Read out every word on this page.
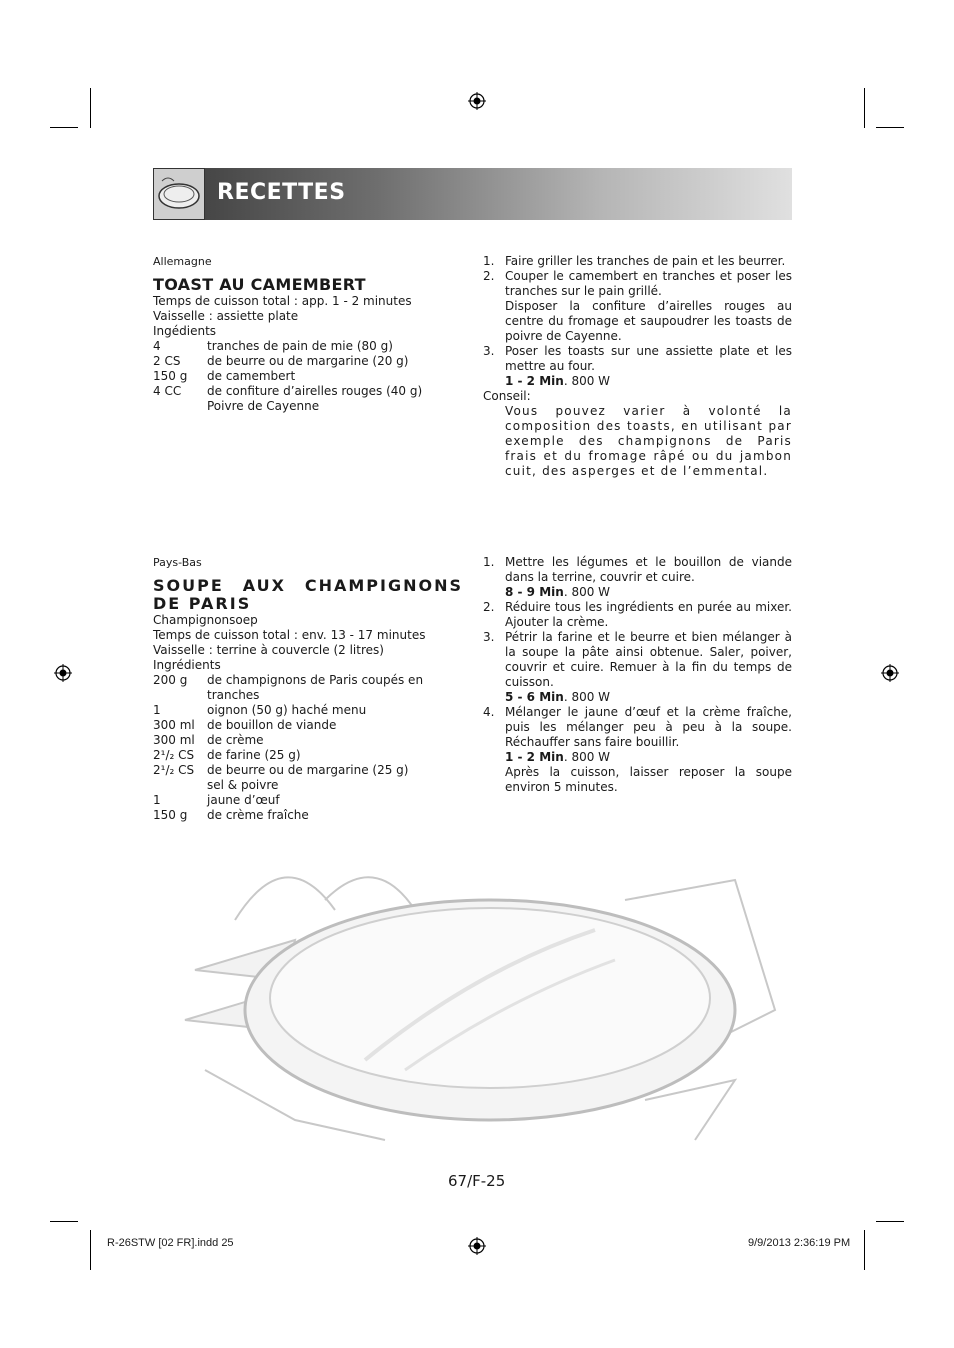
RECETTES
Allemagne
TOAST AU CAMEMBERT
Temps de cuisson total : app. 1 - 2 minutes
Vaisselle : assiette plate
Ingédients
4	tranches de pain de mie (80 g)
2 CS	de beurre ou de margarine (20 g)
150 g	de camembert
4 CC	de confiture d’airelles rouges (40 g)
Poivre de Cayenne
1. Faire griller les tranches de pain et les beurrer.
2. Couper le camembert en tranches et poser les tranches sur le pain grillé.
Disposer la confiture d’airelles rouges au centre du fromage et saupoudrer les toasts de poivre de Cayenne.
3. Poser les toasts sur une assiette plate et les mettre au four.
1 - 2 Min. 800 W
Conseil:
Vous pouvez varier à volonté la composition des toasts, en utilisant par exemple des champignons de Paris frais et du fromage râpé ou du jambon cuit, des asperges et de l’emmental.
Pays-Bas
SOUPE AUX CHAMPIGNONS DE PARIS
Champignonsoep
Temps de cuisson total : env. 13 - 17 minutes
Vaisselle : terrine à couvercle (2 litres)
Ingrédients
200 g	de champignons de Paris coupés en tranches
1	oignon (50 g) haché menu
300 ml	de bouillon de viande
300 ml	de crème
2¹/₂ CS	de farine (25 g)
2¹/₂ CS	de beurre ou de margarine (25 g)
sel & poivre
1	jaune d’œuf
150 g	de crème fraîche
1. Mettre les légumes et le bouillon de viande dans la terrine, couvrir et cuire.
8 - 9 Min. 800 W
2. Réduire tous les ingrédients en purée au mixer. Ajouter la crème.
3. Pétrir la farine et le beurre et bien mélanger à la soupe la pâte ainsi obtenue. Saler, poiver, couvrir et cuire. Remuer à la fin du temps de cuisson.
5 - 6 Min. 800 W
4. Mélanger le jaune d’œuf et la crème fraîche, puis les mélanger peu à peu à la soupe. Réchauffer sans faire bouillir.
1 - 2 Min. 800 W
Après la cuisson, laisser reposer la soupe environ 5 minutes.
67/F-25
R-26STW [02 FR].indd 25	9/9/2013 2:36:19 PM
